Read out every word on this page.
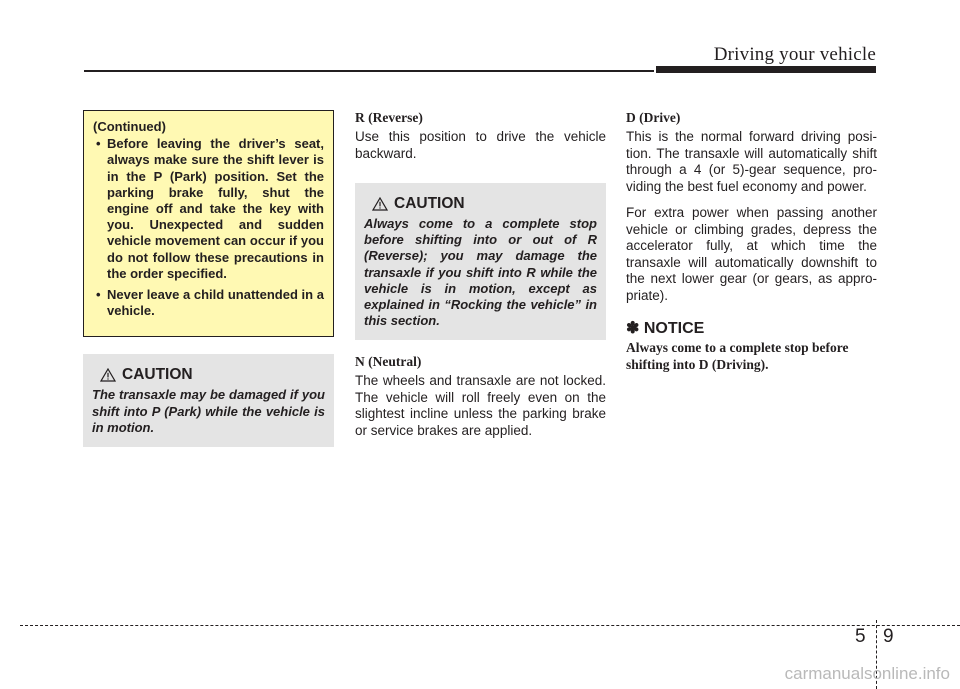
Driving your vehicle
(Continued)
• Before leaving the driver’s seat, always make sure the shift lever is in the P (Park) position. Set the parking brake fully, shut the engine off and take the key with you. Unexpected and sudden vehicle movement can occur if you do not follow these precautions in the order specified.
• Never leave a child unattended in a vehicle.
CAUTION
The transaxle may be damaged if you shift into P (Park) while the vehicle is in motion.
R (Reverse)

Use this position to drive the vehicle backward.

CAUTION
Always come to a complete stop before shifting into or out of R (Reverse); you may damage the transaxle if you shift into R while the vehicle is in motion, except as explained in “Rocking the vehicle” in this section.
N (Neutral)

The wheels and transaxle are not locked. The vehicle will roll freely even on the slightest incline unless the parking brake or service brakes are applied.

D (Drive)

This is the normal forward driving position. The transaxle will automatically shift through a 4 (or 5)-gear sequence, providing the best fuel economy and power.

For extra power when passing another vehicle or climbing grades, depress the accelerator fully, at which time the transaxle will automatically downshift to the next lower gear (or gears, as appropriate).

✽ NOTICE

Always come to a complete stop before shifting into D (Driving).

5 9
carmanualsonline.info
